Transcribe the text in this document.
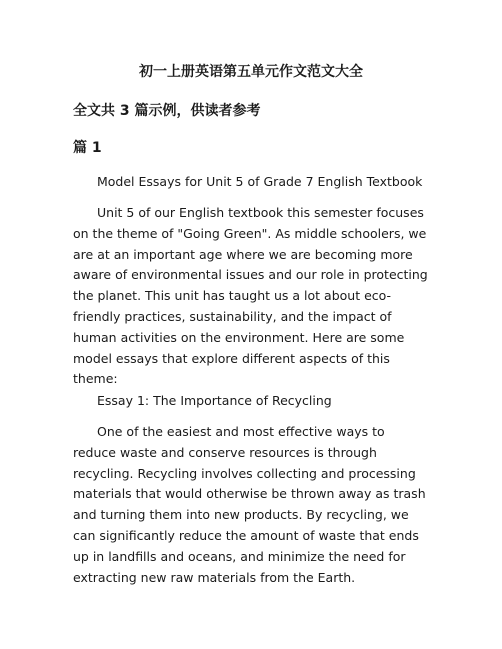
初一上册英语第五单元作文范文大全
全文共 3 篇示例，供读者参考
篇 1

Model Essays for Unit 5 of Grade 7 English Textbook

Unit 5 of our English textbook this semester focuses on the theme of "Going Green". As middle schoolers, we are at an important age where we are becoming more aware of environmental issues and our role in protecting the planet. This unit has taught us a lot about eco-friendly practices, sustainability, and the impact of human activities on the environment. Here are some model essays that explore different aspects of this theme:

Essay 1: The Importance of Recycling

One of the easiest and most effective ways to reduce waste and conserve resources is through recycling. Recycling involves collecting and processing materials that would otherwise be thrown away as trash and turning them into new products. By recycling, we can significantly reduce the amount of waste that ends up in landfills and oceans, and minimize the need for extracting new raw materials from the Earth.
